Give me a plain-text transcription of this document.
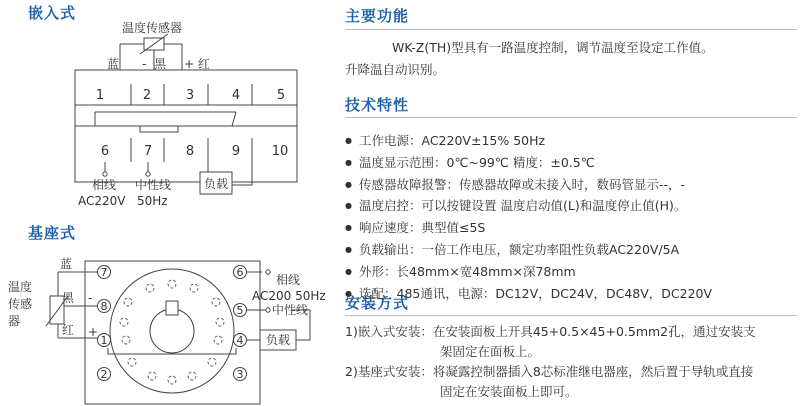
嵌入式
基座式
主要功能
技术特性
安装方式
WK-Z(TH)型具有一路温度控制，调节温度至设定工作值。
升降温自动识别。
● 工作电源：AC220V±15% 50Hz
● 温度显示范围：0℃~99℃ 精度：±0.5℃
● 传感器故障报警：传感器故障或未接入时，数码管显示--，-
● 温度启控：可以按键设置 温度启动值(L)和温度停止值(H)。
● 响应速度：典型值≤5S
● 负载输出：一倍工作电压，额定功率阻性负载AC220V/5A
● 外形：长48mm×宽48mm×深78mm
● 选配：485通讯，电源：DC12V，DC24V，DC48V，DC220V
1)嵌入式安装：在安装面板上开具45+0.5×45+0.5mm2孔，通过安装支
架固定在面板上。
2)基座式安装：将凝露控制器插入8芯标准继电器座，然后置于导轨或直接
固定在安装面板上即可。
温度传感器
蓝 - 黑 + 红
1	2	3	4	5
6	7	8	9 10
负载
相线 中性线
AC220V 50Hz
温度
传感
器
蓝
黑 -
+
红
7
8
1
2
6
5
4
3
相线
AC200 50Hz
中性线
负载
